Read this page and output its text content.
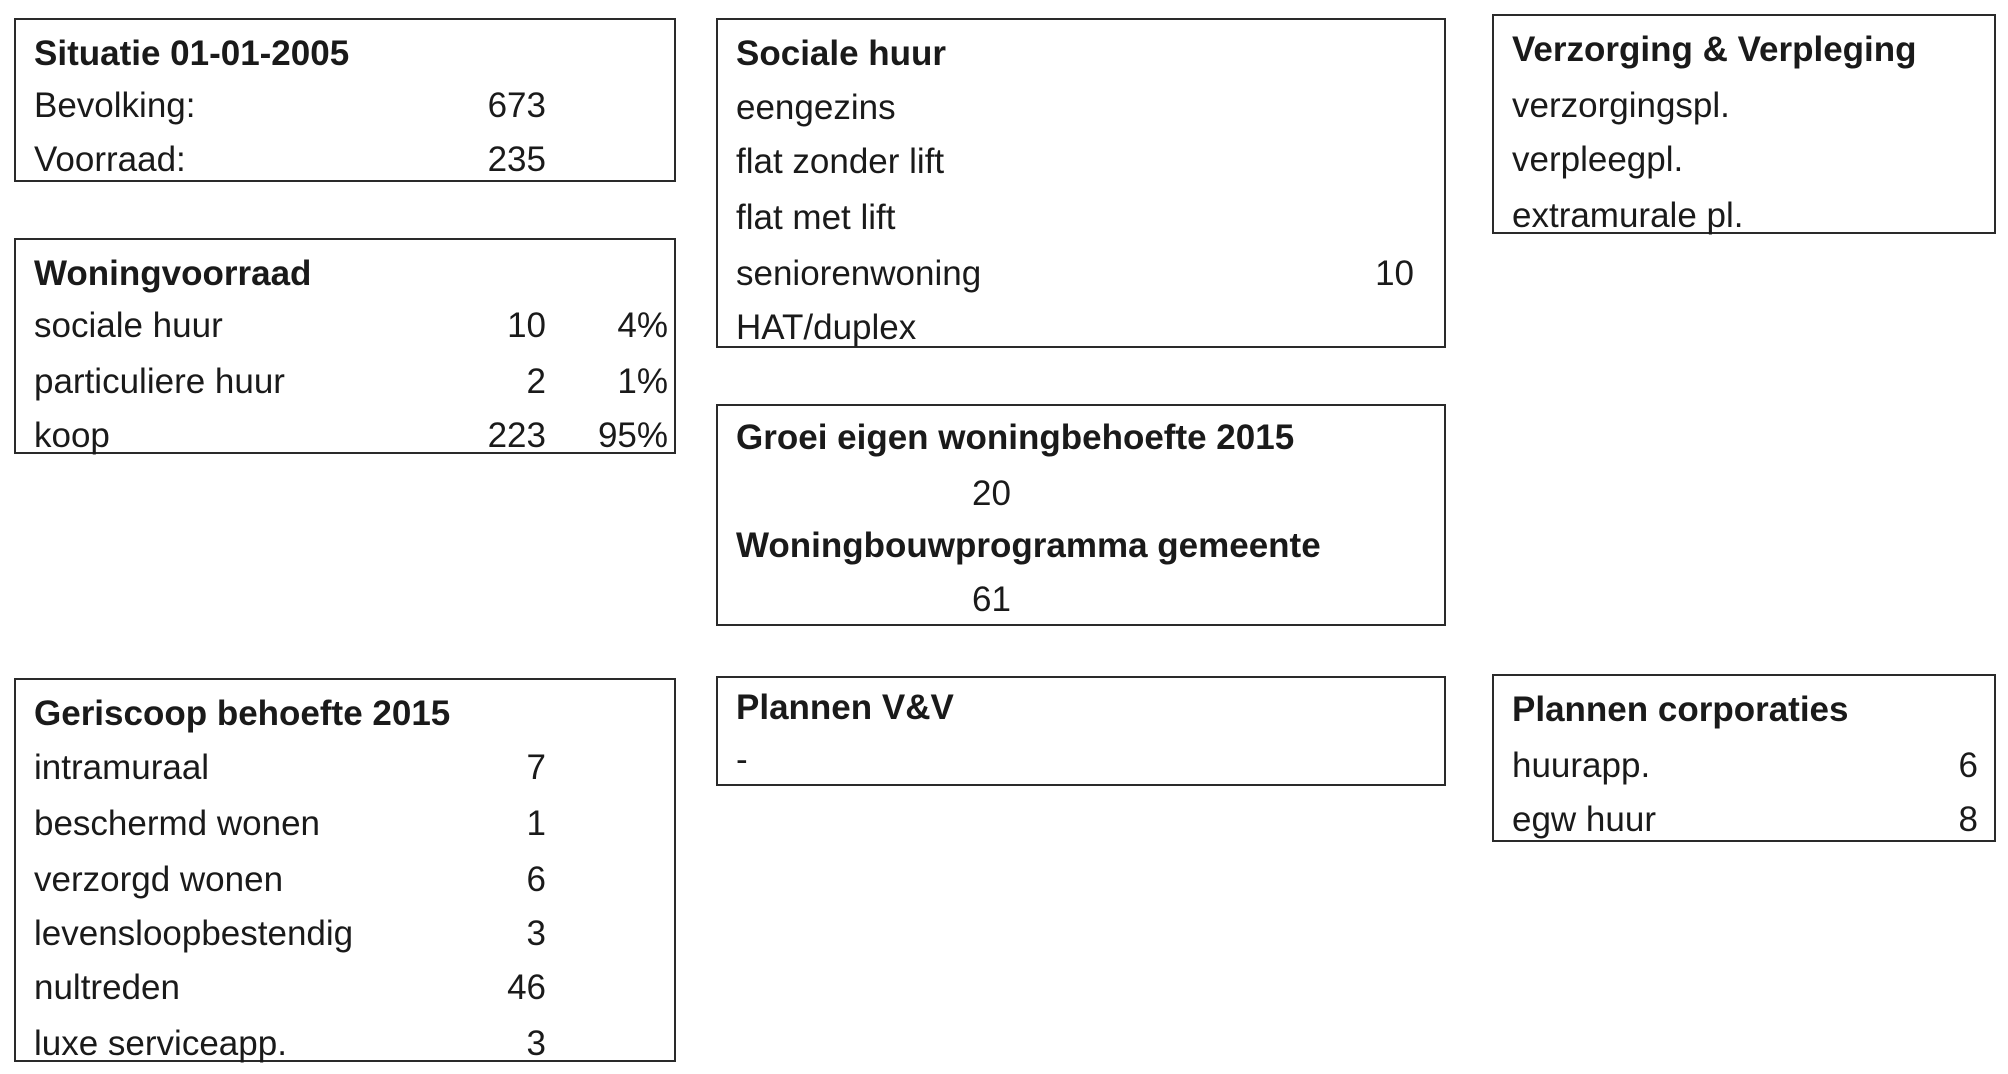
Situatie 01-01-2005
Bevolking:	673
Voorraad:	235
Woningvoorraad
sociale huur	10	4%
particuliere huur	2	1%
koop	223	95%
Sociale huur
eengezins
flat zonder lift
flat met lift
seniorenwoning	10
HAT/duplex
Verzorging & Verpleging
verzorgingspl.
verpleegpl.
extramurale pl.
Groei eigen woningbehoefte 2015
20
Woningbouwprogramma gemeente
61
Geriscoop behoefte 2015
intramuraal	7
beschermd wonen	1
verzorgd wonen	6
levensloopbestendig	3
nultreden	46
luxe serviceapp.	3
Plannen V&V
-
Plannen corporaties
huurapp.	6
egw huur	8
